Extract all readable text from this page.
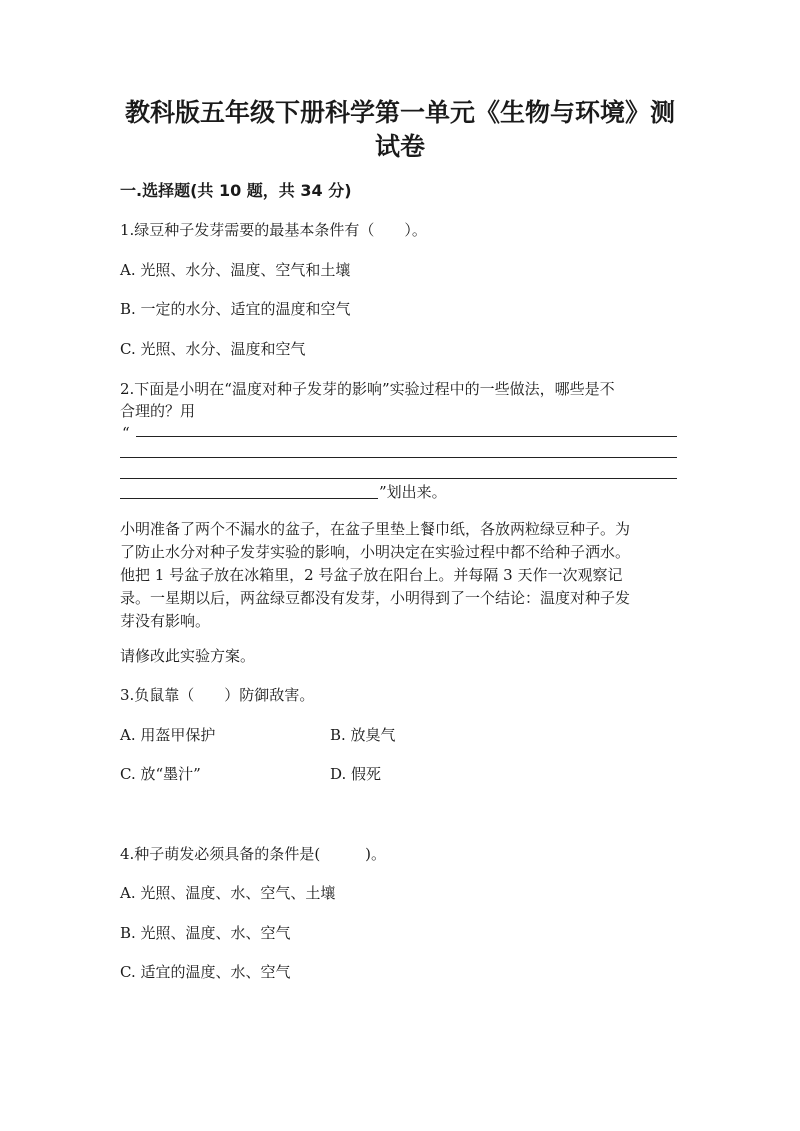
教科版五年级下册科学第一单元《生物与环境》测
试卷
一.选择题(共 10 题，共 34 分)
1.绿豆种子发芽需要的最基本条件有（　　）。
A. 光照、水分、温度、空气和土壤
B. 一定的水分、适宜的温度和空气
C. 光照、水分、温度和空气
2.下面是小明在“温度对种子发芽的影响”实验过程中的一些做法，哪些是不
合理的？用
“
”划出来。
小明准备了两个不漏水的盆子，在盆子里垫上餐巾纸，各放两粒绿豆种子。为
了防止水分对种子发芽实验的影响，小明决定在实验过程中都不给种子洒水。
他把 1 号盆子放在冰箱里，2 号盆子放在阳台上。并每隔 3 天作一次观察记
录。一星期以后，两盆绿豆都没有发芽，小明得到了一个结论：温度对种子发
芽没有影响。
请修改此实验方案。
3.负鼠靠（　　）防御敌害。
A. 用盔甲保护	B. 放臭气
C. 放“墨汁”	D. 假死
4.种子萌发必须具备的条件是(　　　)。
A. 光照、温度、水、空气、土壤
B. 光照、温度、水、空气
C. 适宜的温度、水、空气
